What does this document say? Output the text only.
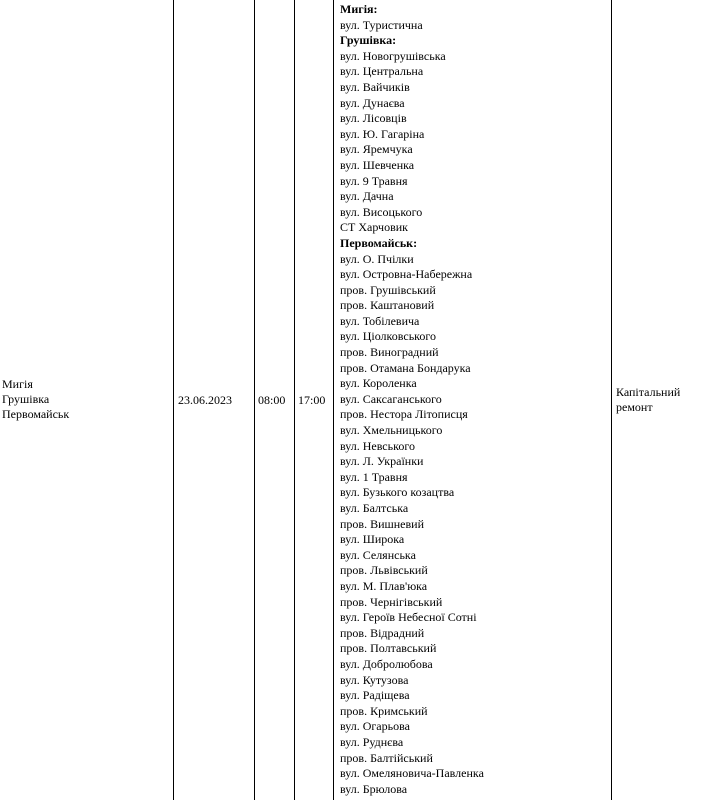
Мигія
Грушівка
Первомайськ
23.06.2023 08:00 17:00
Капітальний
ремонт
Мигія:
вул. Туристична
Грушівка:
вул. Новогрушівська
вул. Центральна
вул. Вайчиків
вул. Дунаєва
вул. Лісовців
вул. Ю. Гагаріна
вул. Яремчука
вул. Шевченка
вул. 9 Травня
вул. Дачна
вул. Висоцького
СТ Харчовик
Первомайськ:
вул. О. Пчілки
вул. Островна-Набережна
пров. Грушівський
пров. Каштановий
вул. Тобілевича
вул. Ціолковського
пров. Виноградний
пров. Отамана Бондарука
вул. Короленка
вул. Саксаганського
пров. Нестора Літописця
вул. Хмельницького
вул. Невського
вул. Л. Українки
вул. 1 Травня
вул. Бузького козацтва
вул. Балтська
пров. Вишневий
вул. Широка
вул. Селянська
пров. Львівський
вул. М. Плав'юка
пров. Чернігівський
вул. Героїв Небесної Сотні
пров. Відрадний
пров. Полтавський
вул. Добролюбова
вул. Кутузова
вул. Радіщева
пров. Кримський
вул. Огарьова
вул. Руднєва
пров. Балтійський
вул. Омеляновича-Павленка
вул. Брюлова
